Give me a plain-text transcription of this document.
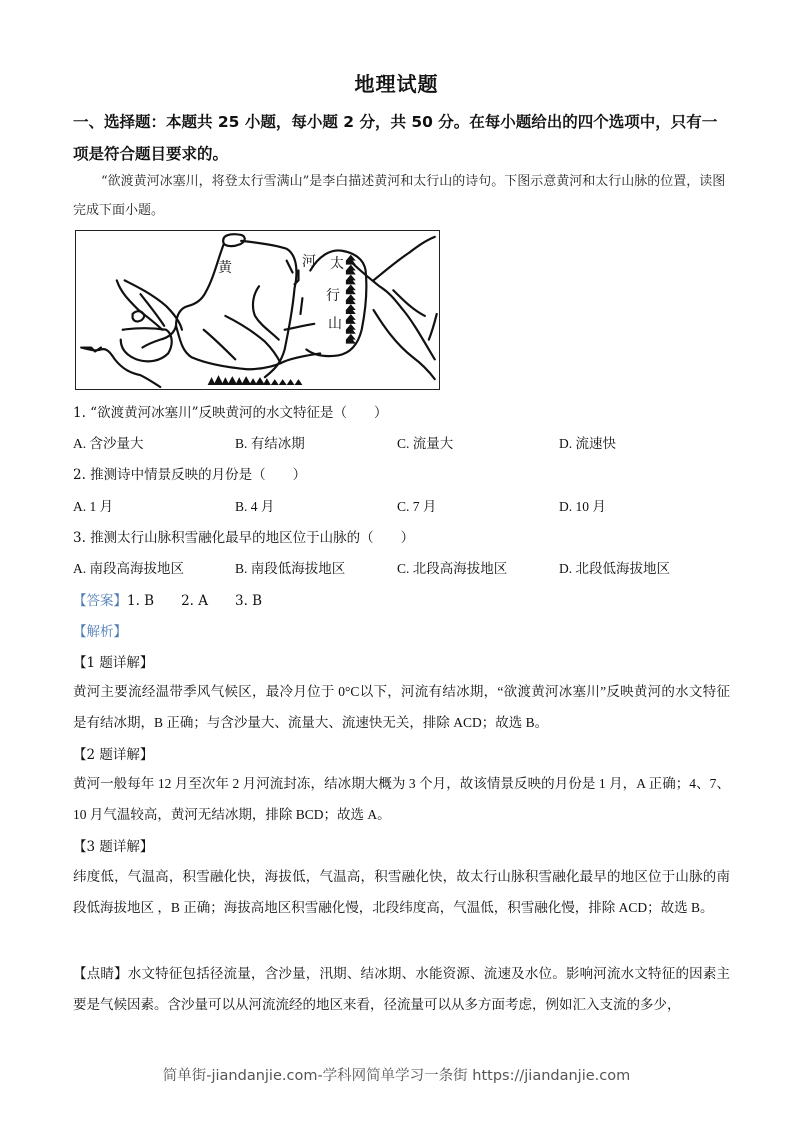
地理试题
一、选择题：本题共 25 小题，每小题 2 分，共 50 分。在每小题给出的四个选项中，只有一项是符合题目要求的。
“欲渡黄河冰塞川，将登太行雪满山”是李白描述黄河和太行山的诗句。下图示意黄河和太行山脉的位置，读图完成下面小题。
黄	河 太
行
山
1. “欲渡黄河冰塞川”反映黄河的水文特征是（　　）
A. 含沙量大	B. 有结冰期	C. 流量大	D. 流速快
2. 推测诗中情景反映的月份是（　　）
A. 1 月	B. 4 月	C. 7 月	D. 10 月
3. 推测太行山脉积雪融化最早的地区位于山脉的（　　）
A. 南段高海拔地区	B. 南段低海拔地区	C. 北段高海拔地区	D. 北段低海拔地区
【答案】1. B　　2. A　　3. B
【解析】
【1 题详解】
黄河主要流经温带季风气候区，最冷月位于 0°C以下，河流有结冰期，“欲渡黄河冰塞川”反映黄河的水文特征是有结冰期，B 正确；与含沙量大、流量大、流速快无关，排除 ACD；故选 B。
【2 题详解】
黄河一般每年 12 月至次年 2 月河流封冻，结冰期大概为 3 个月，故该情景反映的月份是 1 月，A 正确；4、7、10 月气温较高，黄河无结冰期，排除 BCD；故选 A。
【3 题详解】
纬度低，气温高，积雪融化快，海拔低，气温高，积雪融化快，故太行山脉积雪融化最早的地区位于山脉的南段低海拔地区 ，B 正确；海拔高地区积雪融化慢，北段纬度高，气温低，积雪融化慢，排除 ACD；故选 B。
【点睛】水文特征包括径流量，含沙量，汛期、结冰期、水能资源、流速及水位。影响河流水文特征的因素主要是气候因素。含沙量可以从河流流经的地区来看，径流量可以从多方面考虑，例如汇入支流的多少，
简单街-jiandanjie.com-学科网简单学习一条街 https://jiandanjie.com
